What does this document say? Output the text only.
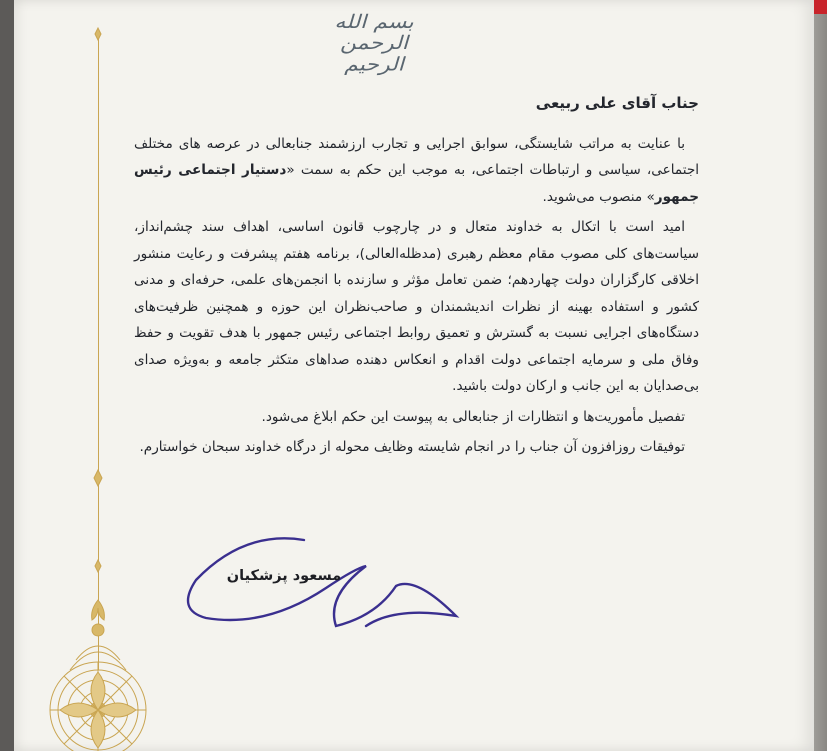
بسم الله الرحمن الرحیم
جناب آقای علی ربیعی

با عنایت به مراتب شایستگی، سوابق اجرایی و تجارب ارزشمند جنابعالی در عرصه های مختلف اجتماعی، سیاسی و ارتباطات اجتماعی، به موجب این حکم به سمت «دستیار اجتماعی رئیس جمهور» منصوب می‌شوید.

امید است با اتکال به خداوند متعال و در چارچوب قانون اساسی، اهداف سند چشم‌انداز، سیاست‌های کلی مصوب مقام معظم رهبری (مدظله‌العالی)، برنامه هفتم پیشرفت و رعایت منشور اخلاقی کارگزاران دولت چهاردهم؛ ضمن تعامل مؤثر و سازنده با انجمن‌های علمی، حرفه‌ای و مدنی کشور و استفاده بهینه از نظرات اندیشمندان و صاحب‌نظران این حوزه و همچنین ظرفیت‌های دستگاه‌های اجرایی نسبت به گسترش و تعمیق روابط اجتماعی رئیس جمهور با هدف تقویت و حفظ وفاق ملی و سرمایه اجتماعی دولت اقدام و انعکاس دهنده صداهای متکثر جامعه و به‌ویژه صدای بی‌صدایان به این جانب و ارکان دولت باشید.

تفصیل مأموریت‌ها و انتظارات از جنابعالی به پیوست این حکم ابلاغ می‌شود.

توفیقات روزافزون آن جناب را در انجام شایسته وظایف محوله از درگاه خداوند سبحان خواستارم.

مسعود پزشکیان
